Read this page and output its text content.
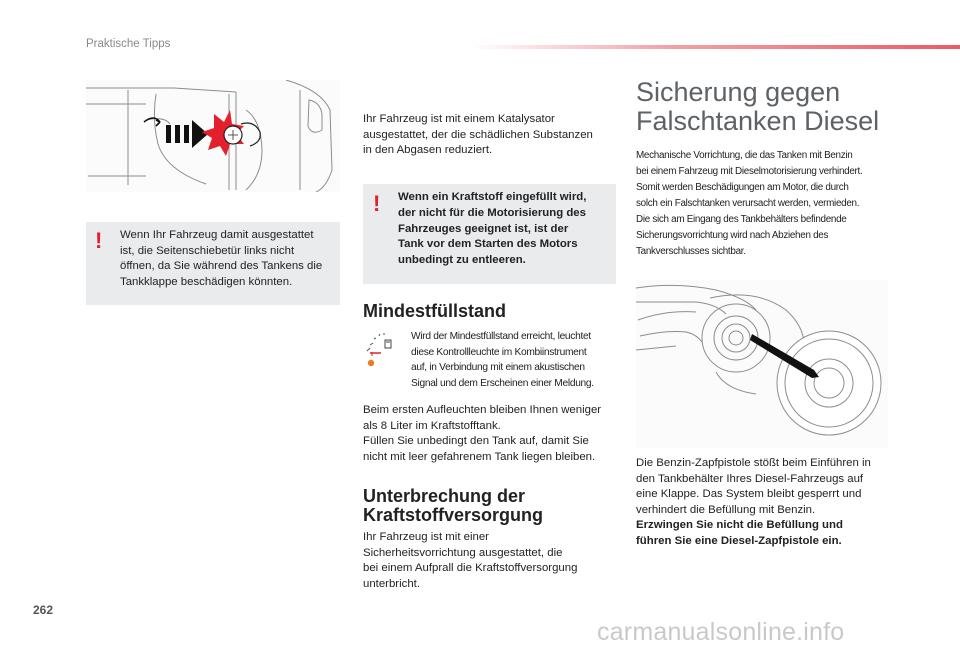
Praktische Tipps
! Wenn Ihr Fahrzeug damit ausgestattet
ist, die Seitenschiebetür links nicht
öffnen, da Sie während des Tankens die
Tankklappe beschädigen könnten.
Ihr Fahrzeug ist mit einem Katalysator
ausgestattet, der die schädlichen Substanzen
in den Abgasen reduziert.
! Wenn ein Kraftstoff eingefüllt wird,
der nicht für die Motorisierung des
Fahrzeuges geeignet ist, ist der
Tank vor dem Starten des Motors
unbedingt zu entleeren.
Mindestfüllstand
Wird der Mindestfüllstand erreicht, leuchtet
diese Kontrollleuchte im Kombiinstrument
auf, in Verbindung mit einem akustischen
Signal und dem Erscheinen einer Meldung.
Beim ersten Aufleuchten bleiben Ihnen weniger
als 8 Liter im Kraftstofftank.
Füllen Sie unbedingt den Tank auf, damit Sie
nicht mit leer gefahrenem Tank liegen bleiben.
Unterbrechung der
Kraftstoffversorgung
Ihr Fahrzeug ist mit einer
Sicherheitsvorrichtung ausgestattet, die
bei einem Aufprall die Kraftstoffversorgung
unterbricht.
Sicherung gegen
Falschtanken Diesel
Mechanische Vorrichtung, die das Tanken mit Benzin
bei einem Fahrzeug mit Dieselmotorisierung verhindert.
Somit werden Beschädigungen am Motor, die durch
solch ein Falschtanken verursacht werden, vermieden.
Die sich am Eingang des Tankbehälters befindende
Sicherungsvorrichtung wird nach Abziehen des
Tankverschlusses sichtbar.
Die Benzin-Zapfpistole stößt beim Einführen in
den Tankbehälter Ihres Diesel-Fahrzeugs auf
eine Klappe. Das System bleibt gesperrt und
verhindert die Befüllung mit Benzin.
Erzwingen Sie nicht die Befüllung und
führen Sie eine Diesel-Zapfpistole ein.
262
carmanualsonline.info
